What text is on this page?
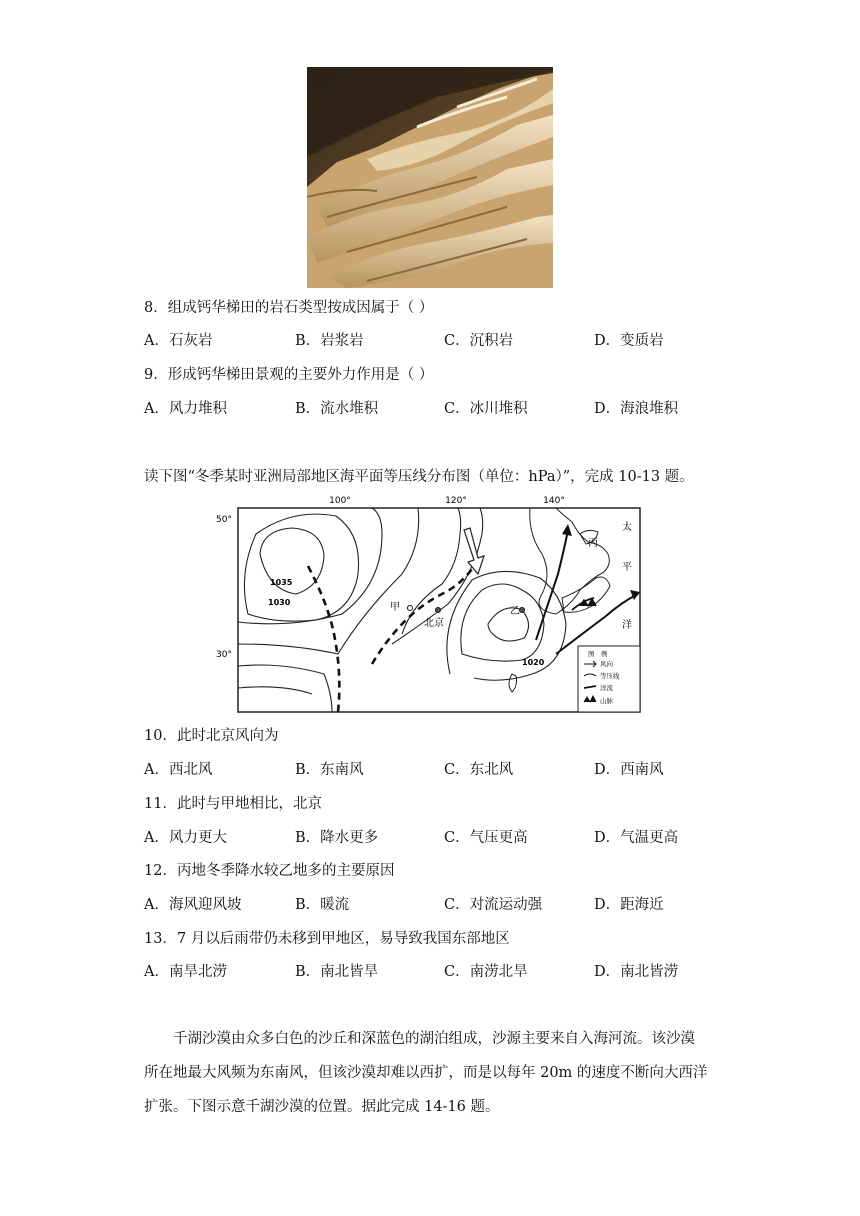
8．组成钙华梯田的岩石类型按成因属于（ ）
A．石灰岩	B．岩浆岩	C．沉积岩	D．变质岩
9．形成钙华梯田景观的主要外力作用是（ ）
A．风力堆积	B．流水堆积	C．冰川堆积	D．海浪堆积
读下图“冬季某时亚洲局部地区海平面等压线分布图（单位：hPa）”，完成 10-13 题。
100°	120°	140°
50°
30°
1035
1030
1020
甲
北京
乙
丙
太
平
洋
图　例
风向
等压线
洋流
山脉
10．此时北京风向为
A．西北风	B．东南风	C．东北风	D．西南风
11．此时与甲地相比，北京
A．风力更大	B．降水更多	C．气压更高	D．气温更高
12．丙地冬季降水较乙地多的主要原因
A．海风迎风坡	B．暖流	C．对流运动强	D．距海近
13．7 月以后雨带仍未移到甲地区，易导致我国东部地区
A．南旱北涝	B．南北皆旱	C．南涝北旱	D．南北皆涝
千湖沙漠由众多白色的沙丘和深蓝色的湖泊组成，沙源主要来自入海河流。该沙漠
所在地最大风频为东南风，但该沙漠却难以西扩，而是以每年 20m 的速度不断向大西洋
扩张。下图示意千湖沙漠的位置。据此完成 14-16 题。
